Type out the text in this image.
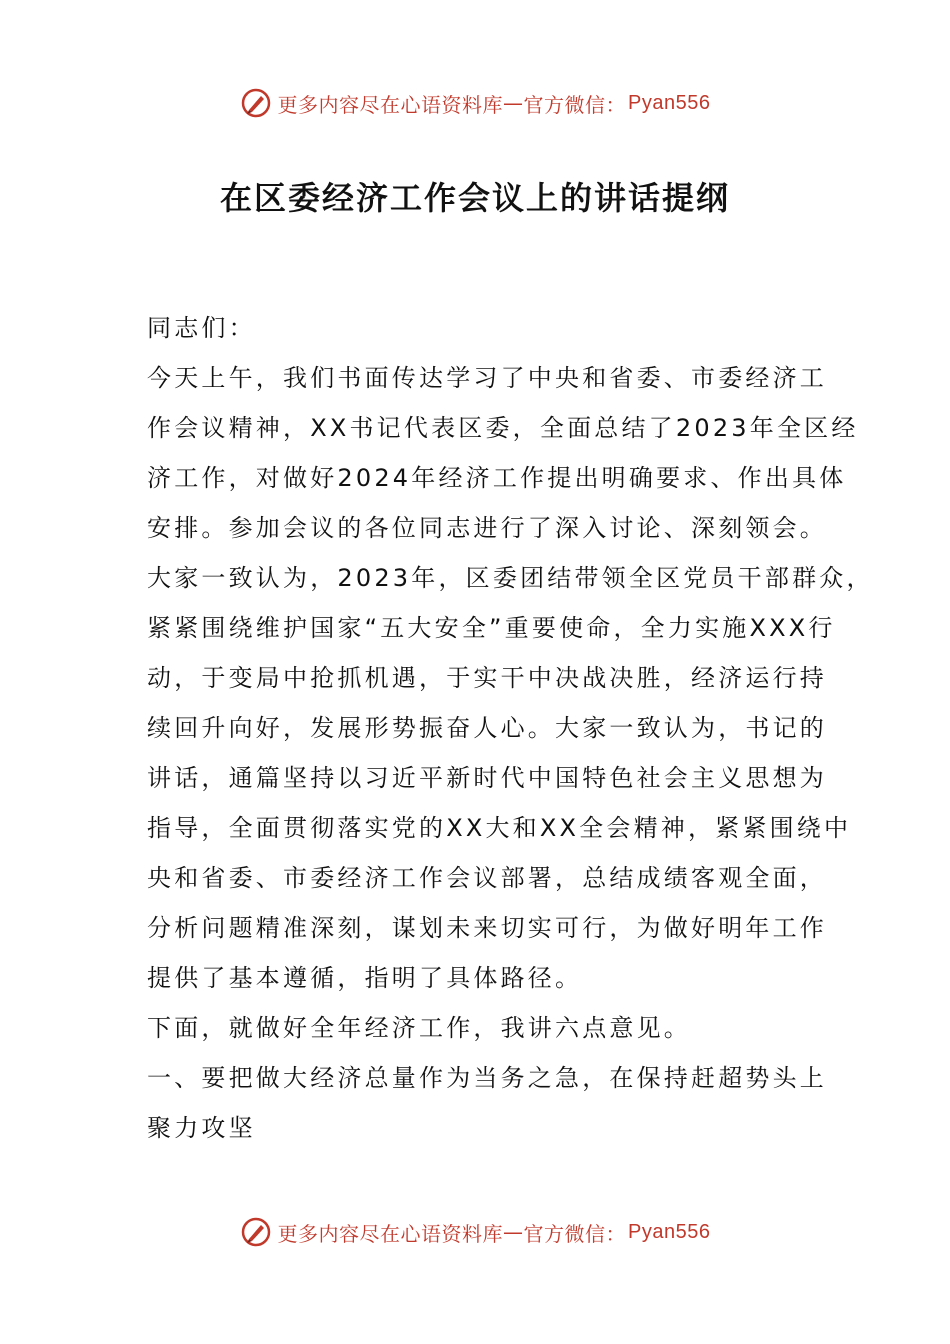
更多内容尽在心语资料库 — 官方微信： Pyan556
在区委经济工作会议上的讲话提纲
同志们：
今天上午，我们书面传达学习了中央和省委、市委经济工
作会议精神，XX书记代表区委，全面总结了2023年全区经
济工作，对做好2024年经济工作提出明确要求、作出具体
安排。参加会议的各位同志进行了深入讨论、深刻领会。
大家一致认为，2023年，区委团结带领全区党员干部群众，
紧紧围绕维护国家“五大安全”重要使命，全力实施XXX行
动，于变局中抢抓机遇，于实干中决战决胜，经济运行持
续回升向好，发展形势振奋人心。大家一致认为，书记的
讲话，通篇坚持以习近平新时代中国特色社会主义思想为
指导，全面贯彻落实党的XX大和XX全会精神，紧紧围绕中
央和省委、市委经济工作会议部署，总结成绩客观全面，
分析问题精准深刻，谋划未来切实可行，为做好明年工作
提供了基本遵循，指明了具体路径。
下面，就做好全年经济工作，我讲六点意见。
一、要把做大经济总量作为当务之急，在保持赶超势头上
聚力攻坚
更多内容尽在心语资料库 — 官方微信： Pyan556
